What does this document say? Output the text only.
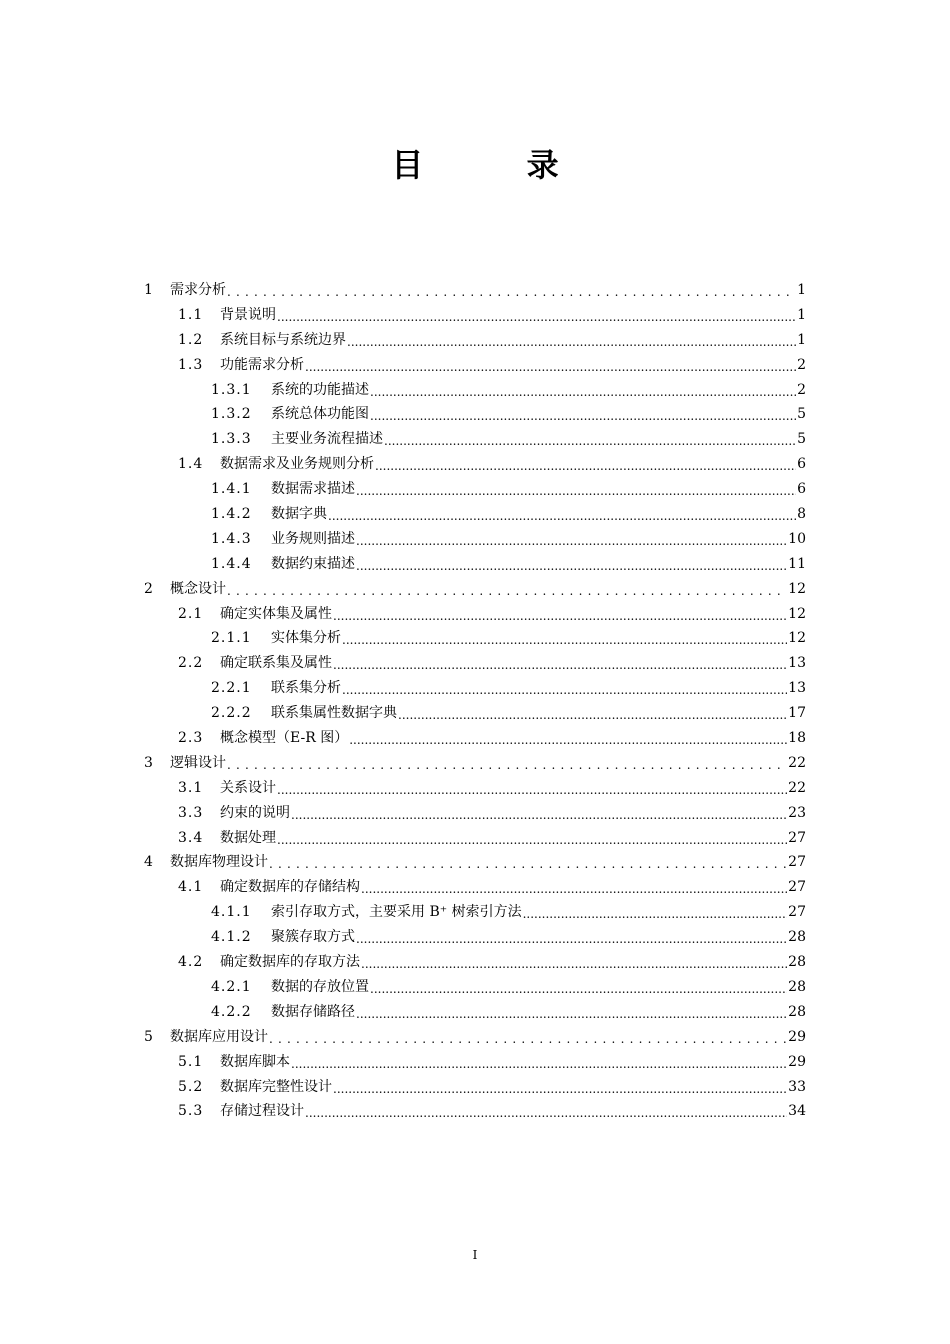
目 录
1	需求分析 .....	1
1.1	背景说明 .....	1
1.2	系统目标与系统边界 .....	1
1.3	功能需求分析 .....	2
1.3.1	系统的功能描述 .....	2
1.3.2	系统总体功能图 .....	5
1.3.3	主要业务流程描述 .....	5
1.4	数据需求及业务规则分析 .....	6
1.4.1	数据需求描述 .....	6
1.4.2	数据字典 .....	8
1.4.3	业务规则描述 .....	10
1.4.4	数据约束描述 .....	11
2	概念设计 .....	12
2.1	确定实体集及属性 .....	12
2.1.1	实体集分析 .....	12
2.2	确定联系集及属性 .....	13
2.2.1	联系集分析 .....	13
2.2.2	联系集属性数据字典 .....	17
2.3	概念模型（E-R 图） .....	18
3	逻辑设计 .....	22
3.1	关系设计 .....	22
3.3	约束的说明 .....	23
3.4	数据处理 .....	27
4	数据库物理设计 .....	27
4.1	确定数据库的存储结构 .....	27
4.1.1	索引存取方式，主要采用 B⁺ 树索引方法 .....	27
4.1.2	聚簇存取方式 .....	28
4.2	确定数据库的存取方法 .....	28
4.2.1	数据的存放位置 .....	28
4.2.2	数据存储路径 .....	28
5	数据库应用设计 .....	29
5.1	数据库脚本 .....	29
5.2	数据库完整性设计 .....	33
5.3	存储过程设计 .....	34
I
